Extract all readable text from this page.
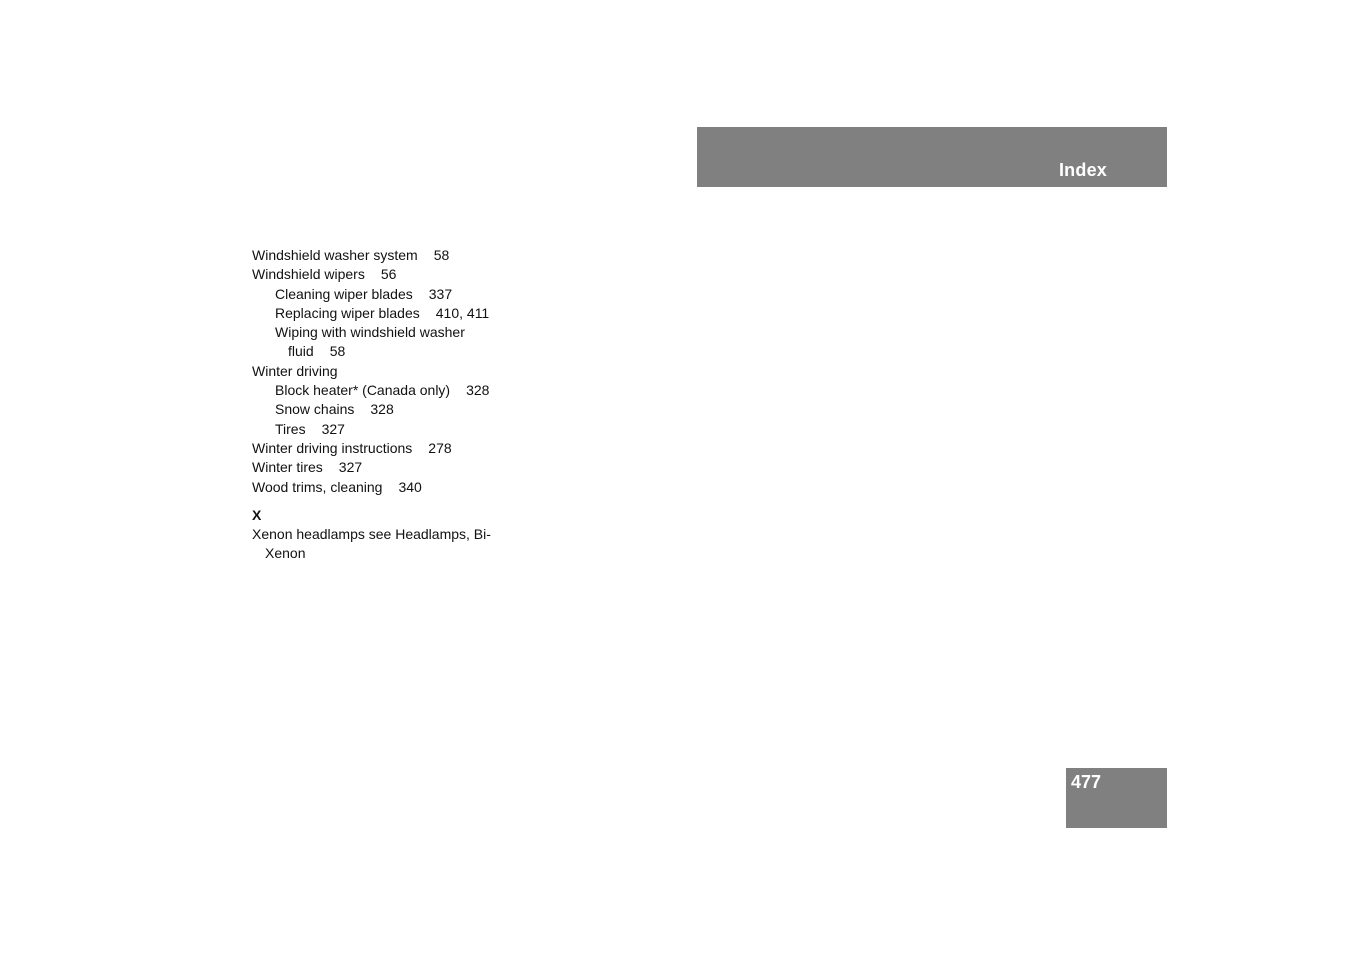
Index
Windshield washer system 58
Windshield wipers 56
Cleaning wiper blades 337
Replacing wiper blades 410, 411
Wiping with windshield washer fluid 58
Winter driving
Block heater* (Canada only) 328
Snow chains 328
Tires 327
Winter driving instructions 278
Winter tires 327
Wood trims, cleaning 340
X
Xenon headlamps see Headlamps, Bi-Xenon
477
